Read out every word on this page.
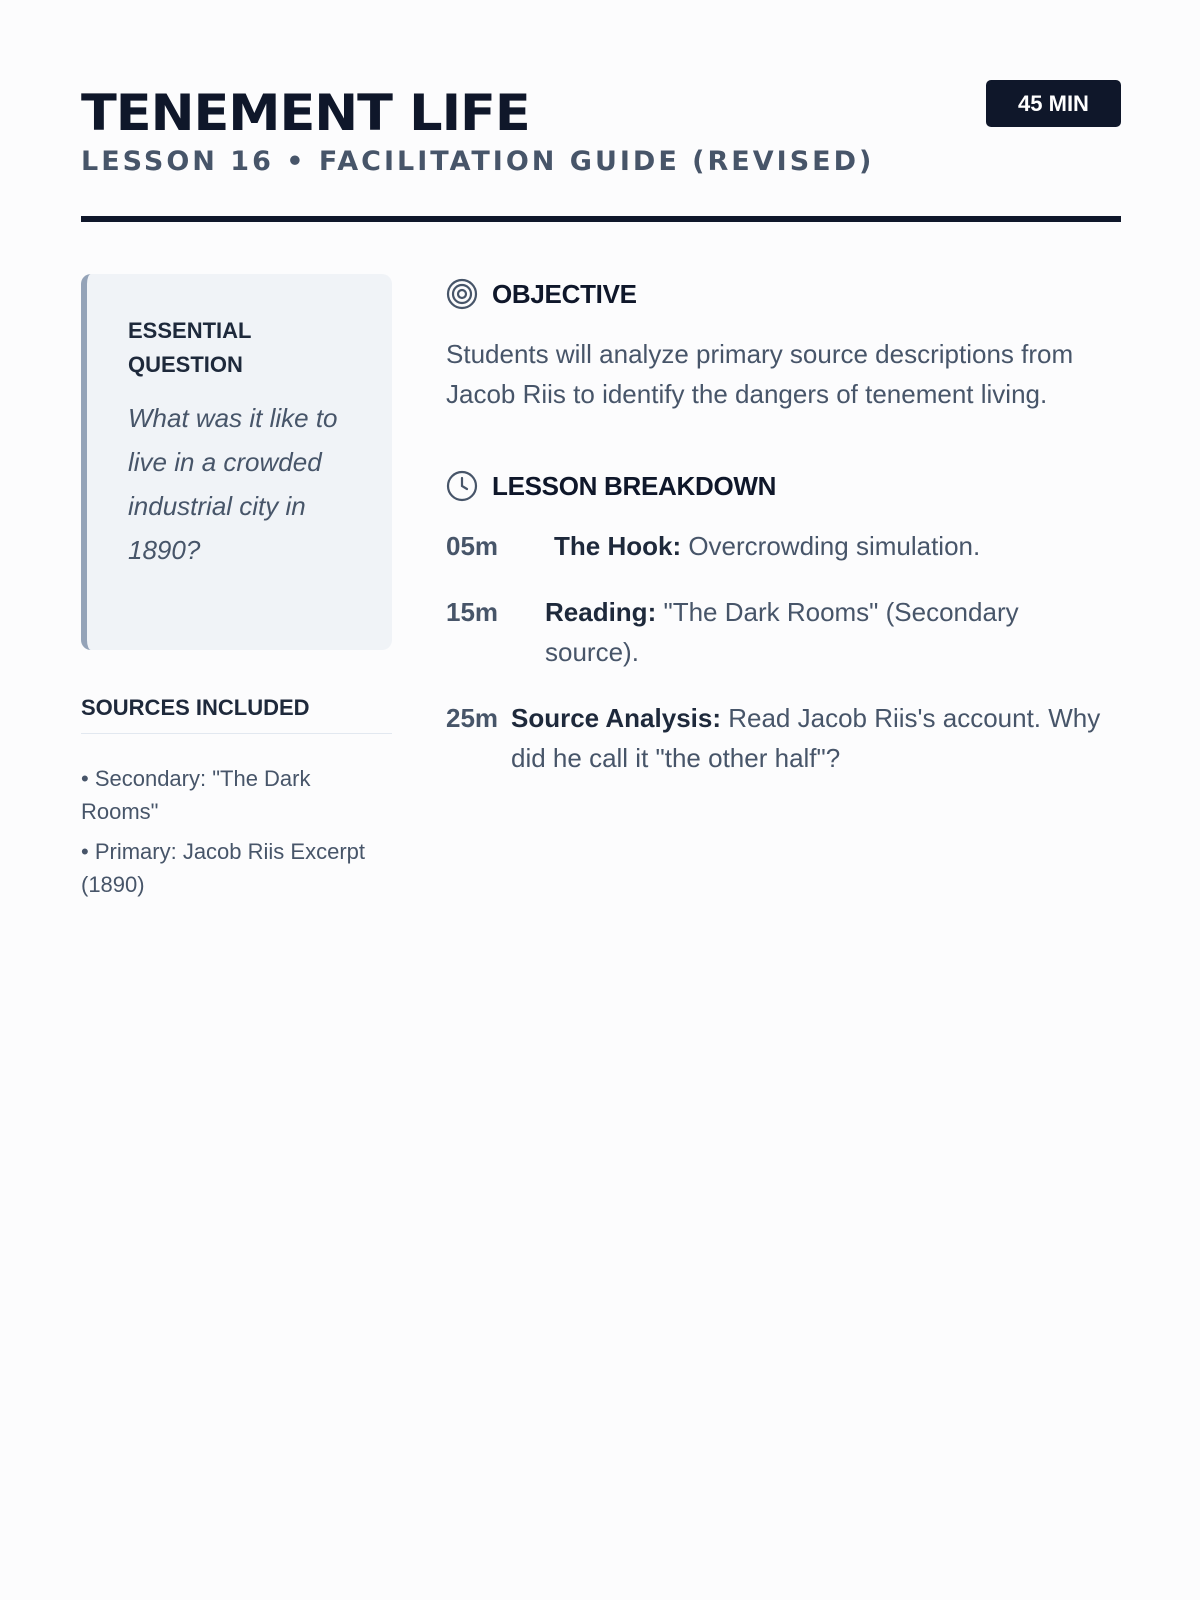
TENEMENT LIFE
LESSON 16 • FACILITATION GUIDE (REVISED)
45 MIN
ESSENTIAL QUESTION
What was it like to live in a crowded industrial city in 1890?
SOURCES INCLUDED
• Secondary: "The Dark Rooms"
• Primary: Jacob Riis Excerpt (1890)
OBJECTIVE

Students will analyze primary source descriptions from Jacob Riis to identify the dangers of tenement living.

LESSON BREAKDOWN
05m	The Hook: Overcrowding simulation.
15m	Reading: "The Dark Rooms" (Secondary source).
25m Source Analysis: Read Jacob Riis's account. Why did he call it "the other half"?
